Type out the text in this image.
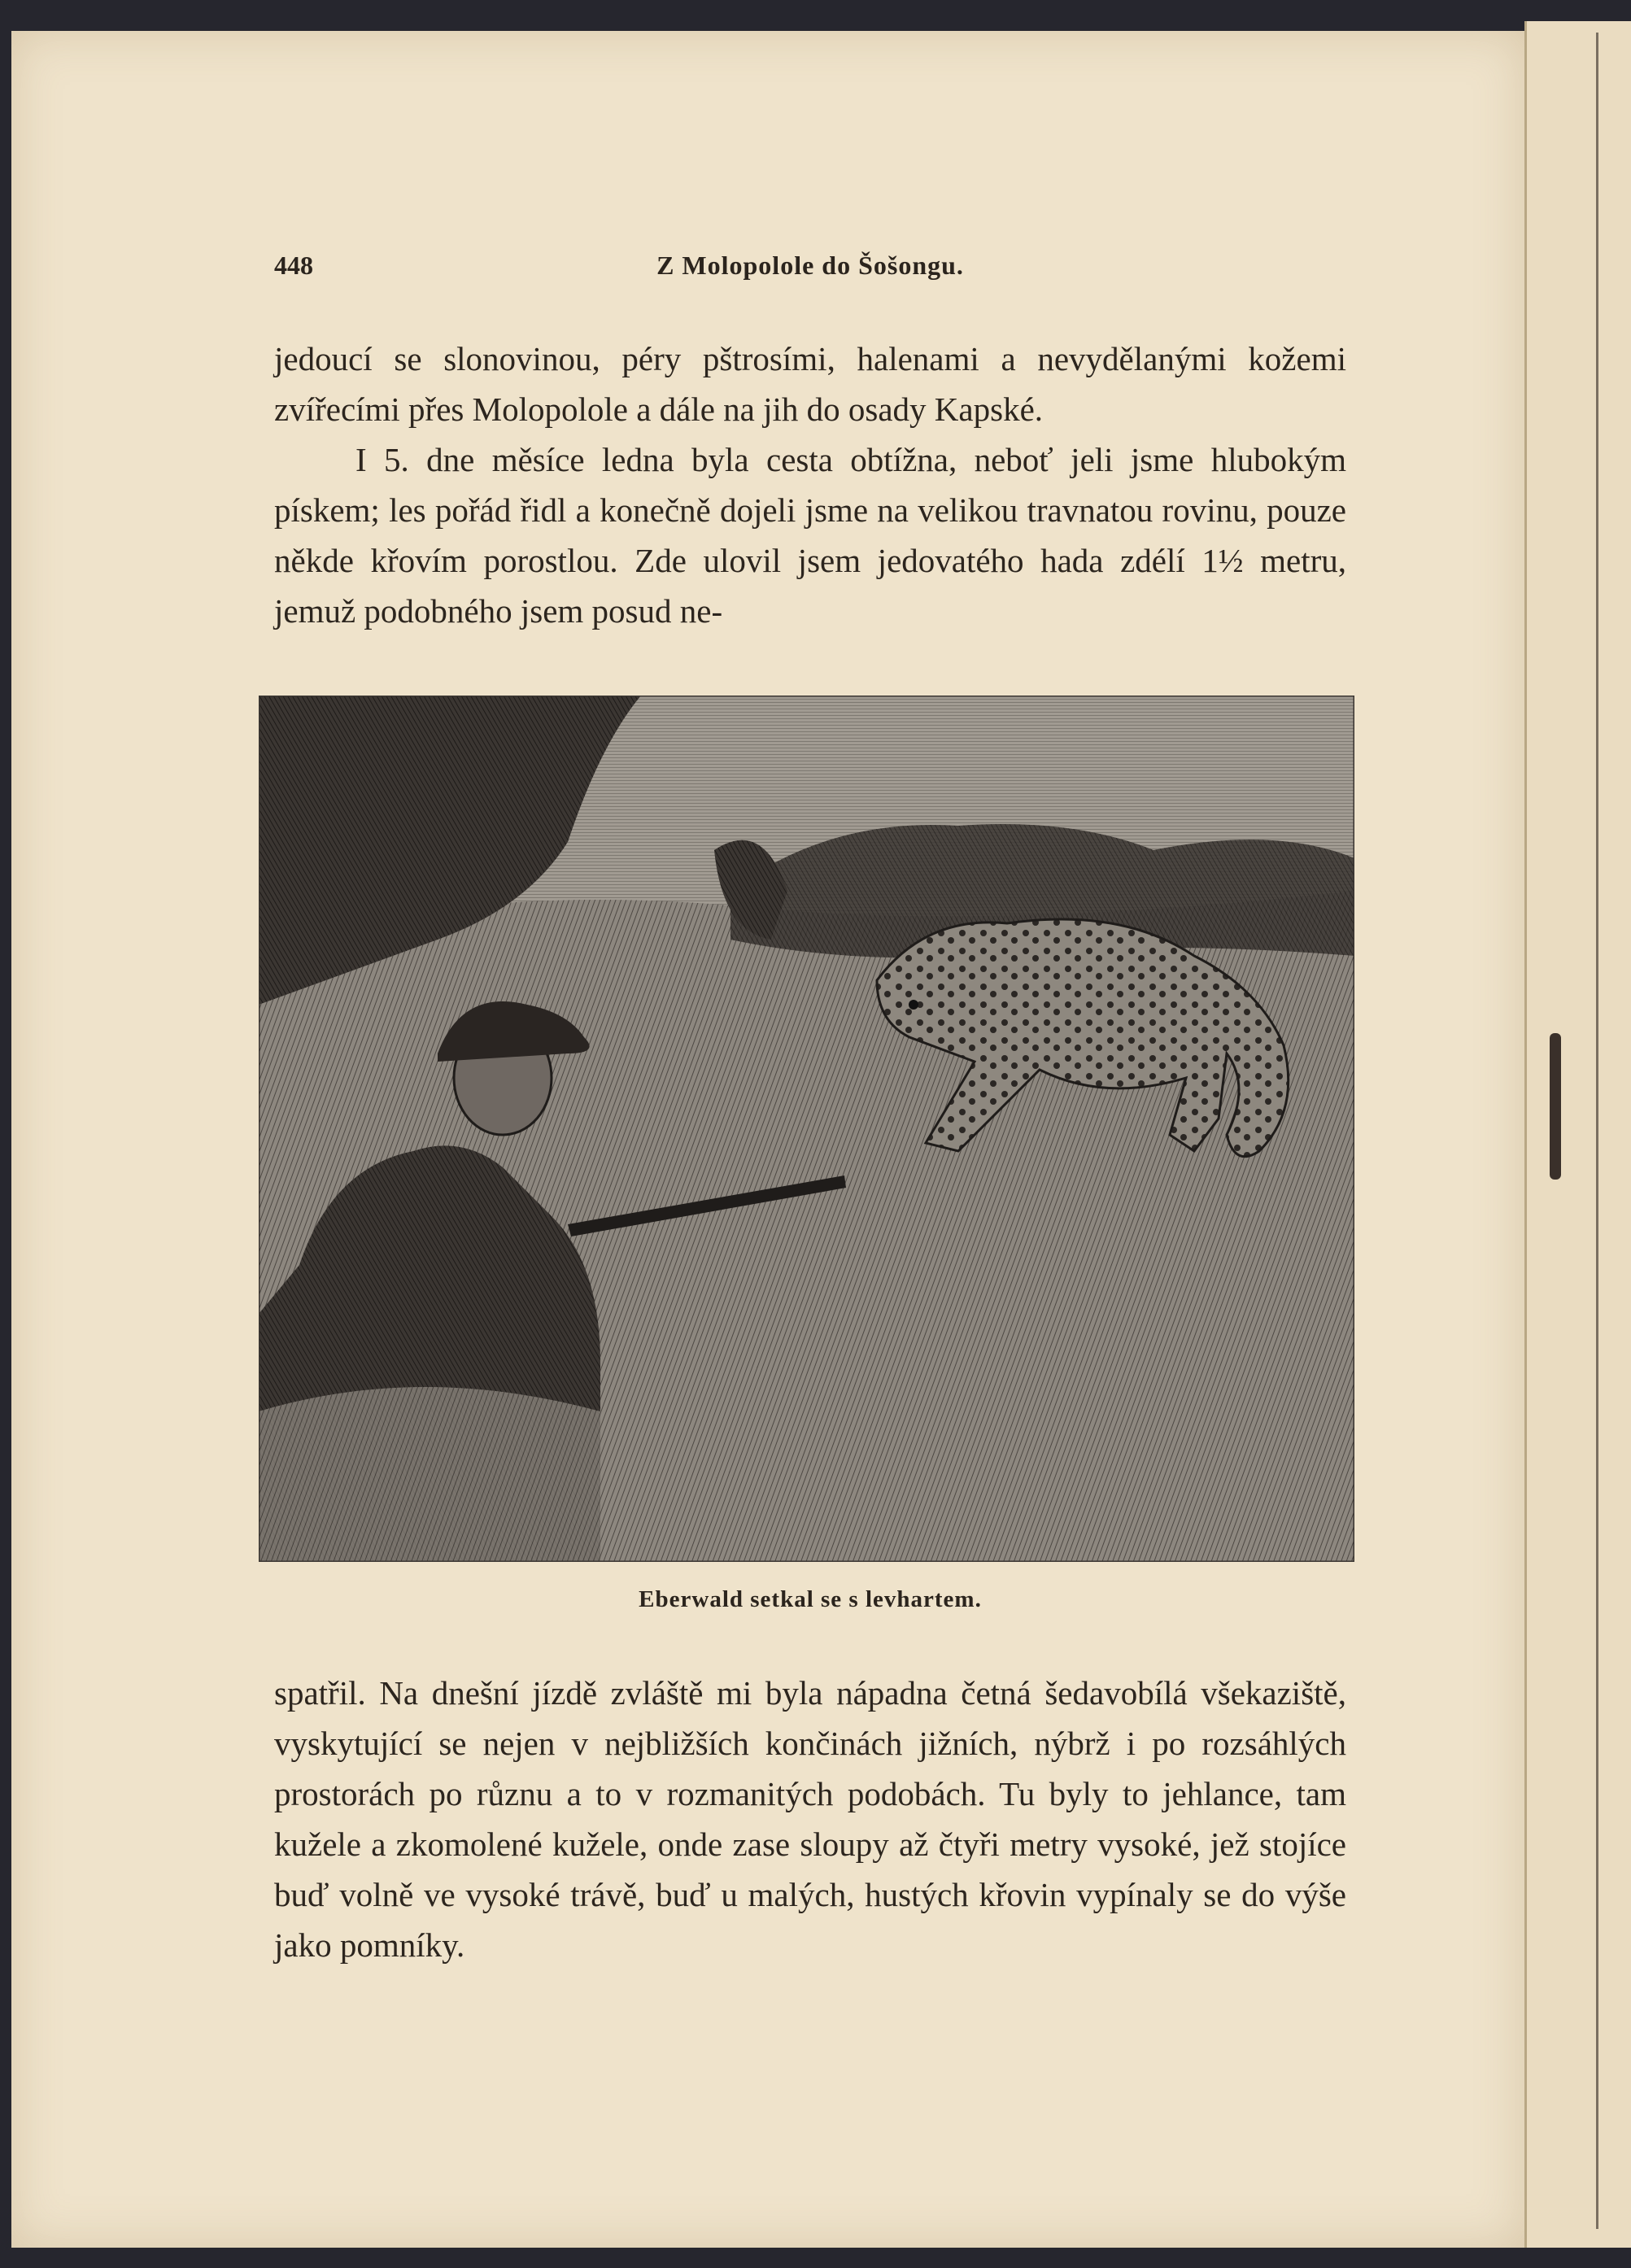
448	Z Molopolole do Šošongu.

jedoucí se slonovinou, péry pštrosími, halenami a nevydělanými kožemi zvířecími přes Molopolole a dále na jih do osady Kapské.

I 5. dne měsíce ledna byla cesta obtížna, neboť jeli jsme hlubokým pískem; les pořád řidl a konečně dojeli jsme na velikou travnatou rovinu, pouze někde křovím porostlou. Zde ulovil jsem jedovatého hada zdélí 1½ metru, jemuž podobného jsem posud ne-

Eberwald setkal se s levhartem.

spatřil. Na dnešní jízdě zvláště mi byla nápadna četná šedavobílá všekaziště, vyskytující se nejen v nejbližších končinách jižních, nýbrž i po rozsáhlých prostorách po různu a to v rozmanitých podobách. Tu byly to jehlance, tam kužele a zkomolené kužele, onde zase sloupy až čtyři metry vysoké, jež stojíce buď volně ve vysoké trávě, buď u malých, hustých křovin vypínaly se do výše jako pomníky.
